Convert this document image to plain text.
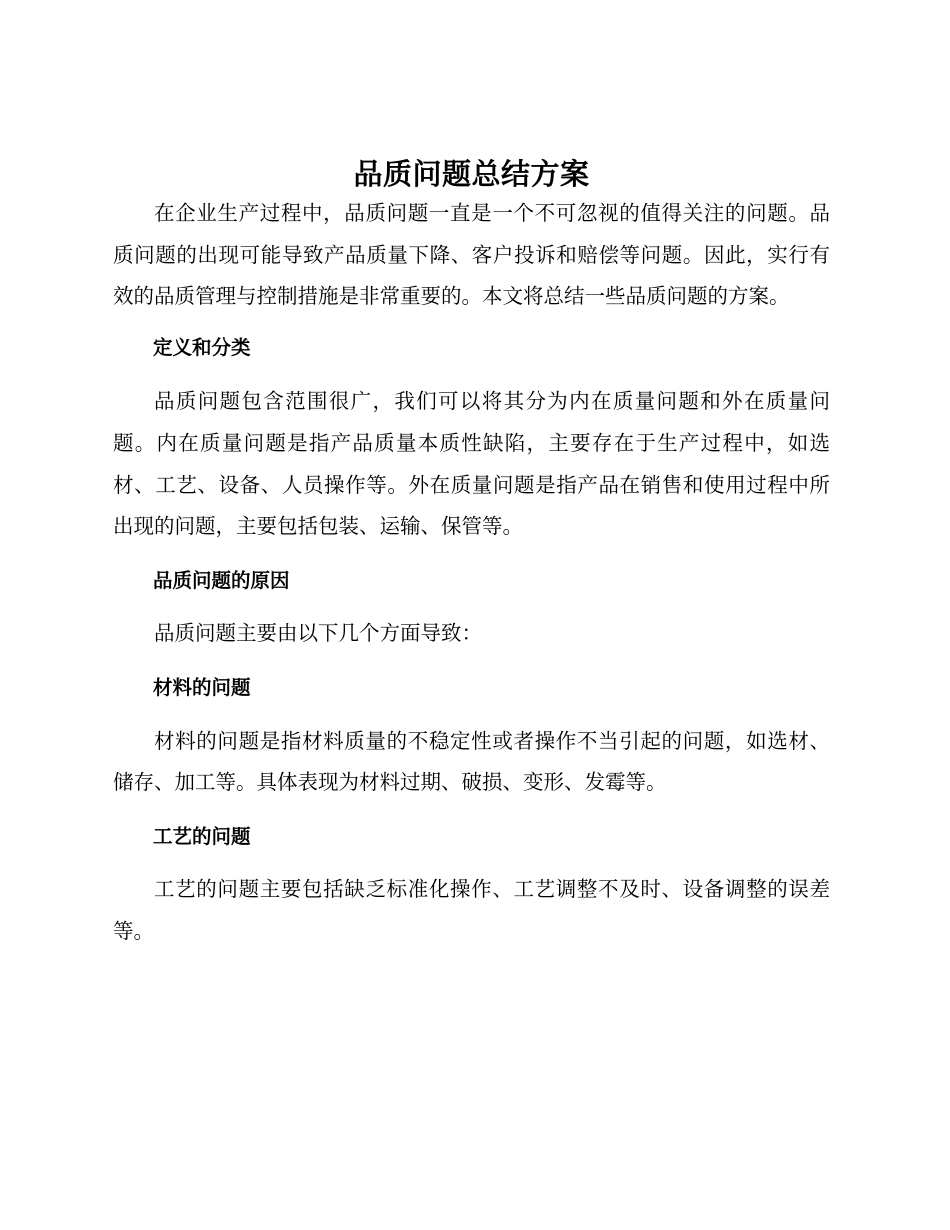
品质问题总结方案

在企业生产过程中，品质问题一直是一个不可忽视的值得关注的问题。品质问题的出现可能导致产品质量下降、客户投诉和赔偿等问题。因此，实行有效的品质管理与控制措施是非常重要的。本文将总结一些品质问题的方案。

定义和分类

品质问题包含范围很广，我们可以将其分为内在质量问题和外在质量问题。内在质量问题是指产品质量本质性缺陷，主要存在于生产过程中，如选材、工艺、设备、人员操作等。外在质量问题是指产品在销售和使用过程中所出现的问题，主要包括包装、运输、保管等。

品质问题的原因

品质问题主要由以下几个方面导致：

材料的问题

材料的问题是指材料质量的不稳定性或者操作不当引起的问题，如选材、储存、加工等。具体表现为材料过期、破损、变形、发霉等。

工艺的问题

工艺的问题主要包括缺乏标准化操作、工艺调整不及时、设备调整的误差等。
